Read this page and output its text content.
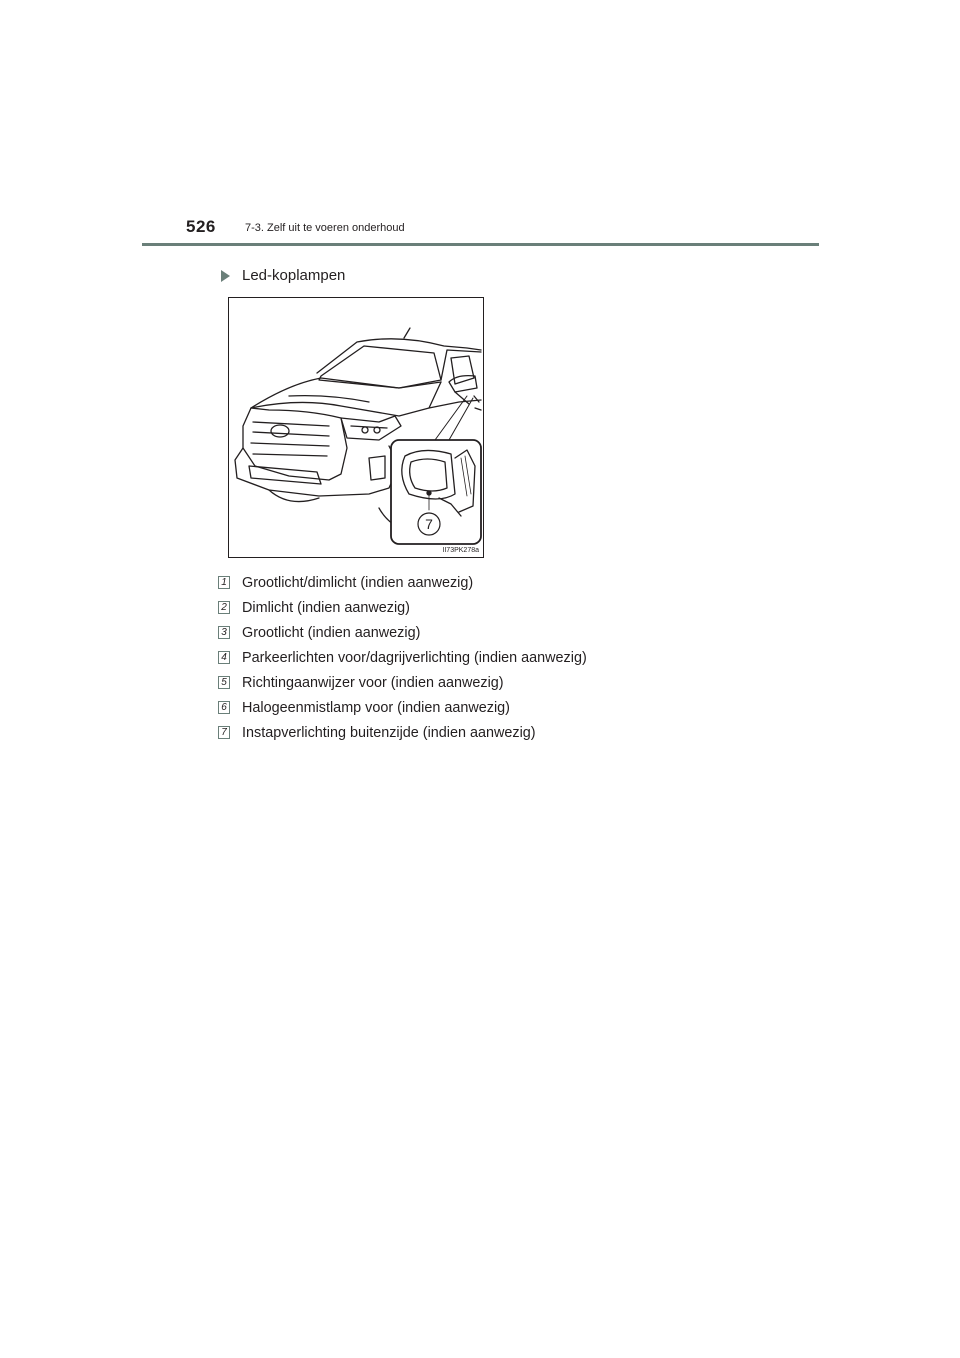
526	7-3. Zelf uit te voeren onderhoud
Led-koplampen
7
II73PK278a
1 Grootlicht/dimlicht (indien aanwezig)
2 Dimlicht (indien aanwezig)
3 Grootlicht (indien aanwezig)
4 Parkeerlichten voor/dagrijverlichting (indien aanwezig)
5 Richtingaanwijzer voor (indien aanwezig)
6 Halogeenmistlamp voor (indien aanwezig)
7 Instapverlichting buitenzijde (indien aanwezig)
